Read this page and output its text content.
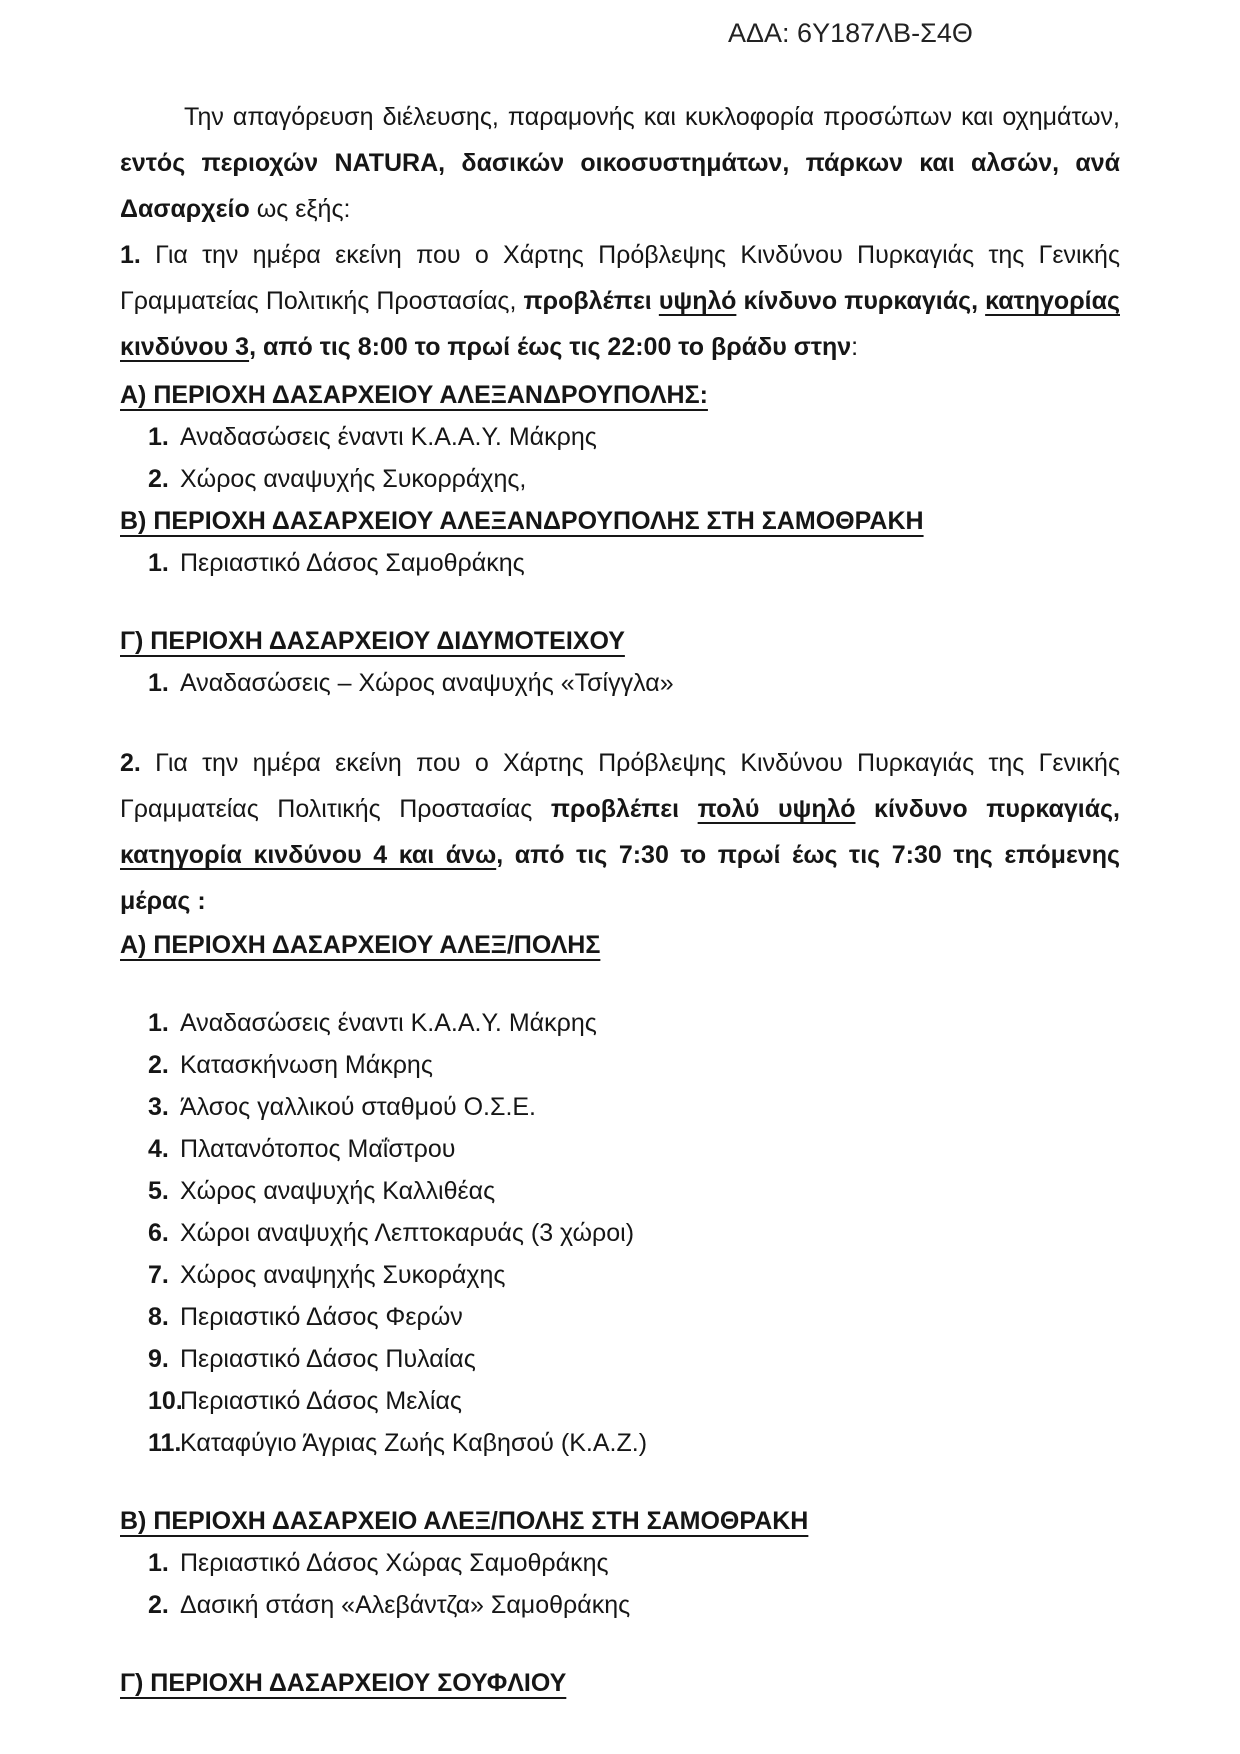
ΑΔΑ: 6Υ187ΛΒ-Σ4Θ

Την απαγόρευση διέλευσης, παραμονής και κυκλοφορία προσώπων και οχημάτων, εντός περιοχών NATURA, δασικών οικοσυστημάτων, πάρκων και αλσών, ανά Δασαρχείο ως εξής:

1. Για την ημέρα εκείνη που ο Χάρτης Πρόβλεψης Κινδύνου Πυρκαγιάς της Γενικής Γραμματείας Πολιτικής Προστασίας, προβλέπει υψηλό κίνδυνο πυρκαγιάς, κατηγορίας κινδύνου 3, από τις 8:00 το πρωί έως τις 22:00 το βράδυ στην:

Α) ΠΕΡΙΟΧΗ ΔΑΣΑΡΧΕΙΟΥ ΑΛΕΞΑΝΔΡΟΥΠΟΛΗΣ:
1. Αναδασώσεις έναντι Κ.Α.Α.Υ. Μάκρης
2. Χώρος αναψυχής Συκορράχης,
Β) ΠΕΡΙΟΧΗ ΔΑΣΑΡΧΕΙΟΥ ΑΛΕΞΑΝΔΡΟΥΠΟΛΗΣ ΣΤΗ ΣΑΜΟΘΡΑΚΗ
1. Περιαστικό Δάσος Σαμοθράκης
Γ) ΠΕΡΙΟΧΗ ΔΑΣΑΡΧΕΙΟΥ ΔΙΔΥΜΟΤΕΙΧΟΥ
1. Αναδασώσεις – Χώρος αναψυχής «Τσίγγλα»

2. Για την ημέρα εκείνη που ο Χάρτης Πρόβλεψης Κινδύνου Πυρκαγιάς της Γενικής Γραμματείας Πολιτικής Προστασίας προβλέπει πολύ υψηλό κίνδυνο πυρκαγιάς, κατηγορία κινδύνου 4 και άνω, από τις 7:30 το πρωί έως τις 7:30 της επόμενης μέρας :

Α) ΠΕΡΙΟΧΗ ΔΑΣΑΡΧΕΙΟΥ ΑΛΕΞ/ΠΟΛΗΣ
1. Αναδασώσεις έναντι Κ.Α.Α.Υ. Μάκρης
2. Κατασκήνωση Μάκρης
3. Άλσος γαλλικού σταθμού Ο.Σ.Ε.
4. Πλατανότοπος Μαΐστρου
5. Χώρος αναψυχής Καλλιθέας
6. Χώροι αναψυχής Λεπτοκαρυάς (3 χώροι)
7. Χώρος αναψηχής Συκοράχης
8. Περιαστικό Δάσος Φερών
9. Περιαστικό Δάσος Πυλαίας
10.
Περιαστικό Δάσος Μελίας
11.
Καταφύγιο Άγριας Ζωής Καβησού (Κ.Α.Ζ.)
Β) ΠΕΡΙΟΧΗ ΔΑΣΑΡΧΕΙΟ ΑΛΕΞ/ΠΟΛΗΣ ΣΤΗ ΣΑΜΟΘΡΑΚΗ
1. Περιαστικό Δάσος Χώρας Σαμοθράκης
2. Δασική στάση «Αλεβάντζα» Σαμοθράκης
Γ) ΠΕΡΙΟΧΗ ΔΑΣΑΡΧΕΙΟΥ ΣΟΥΦΛΙΟΥ
